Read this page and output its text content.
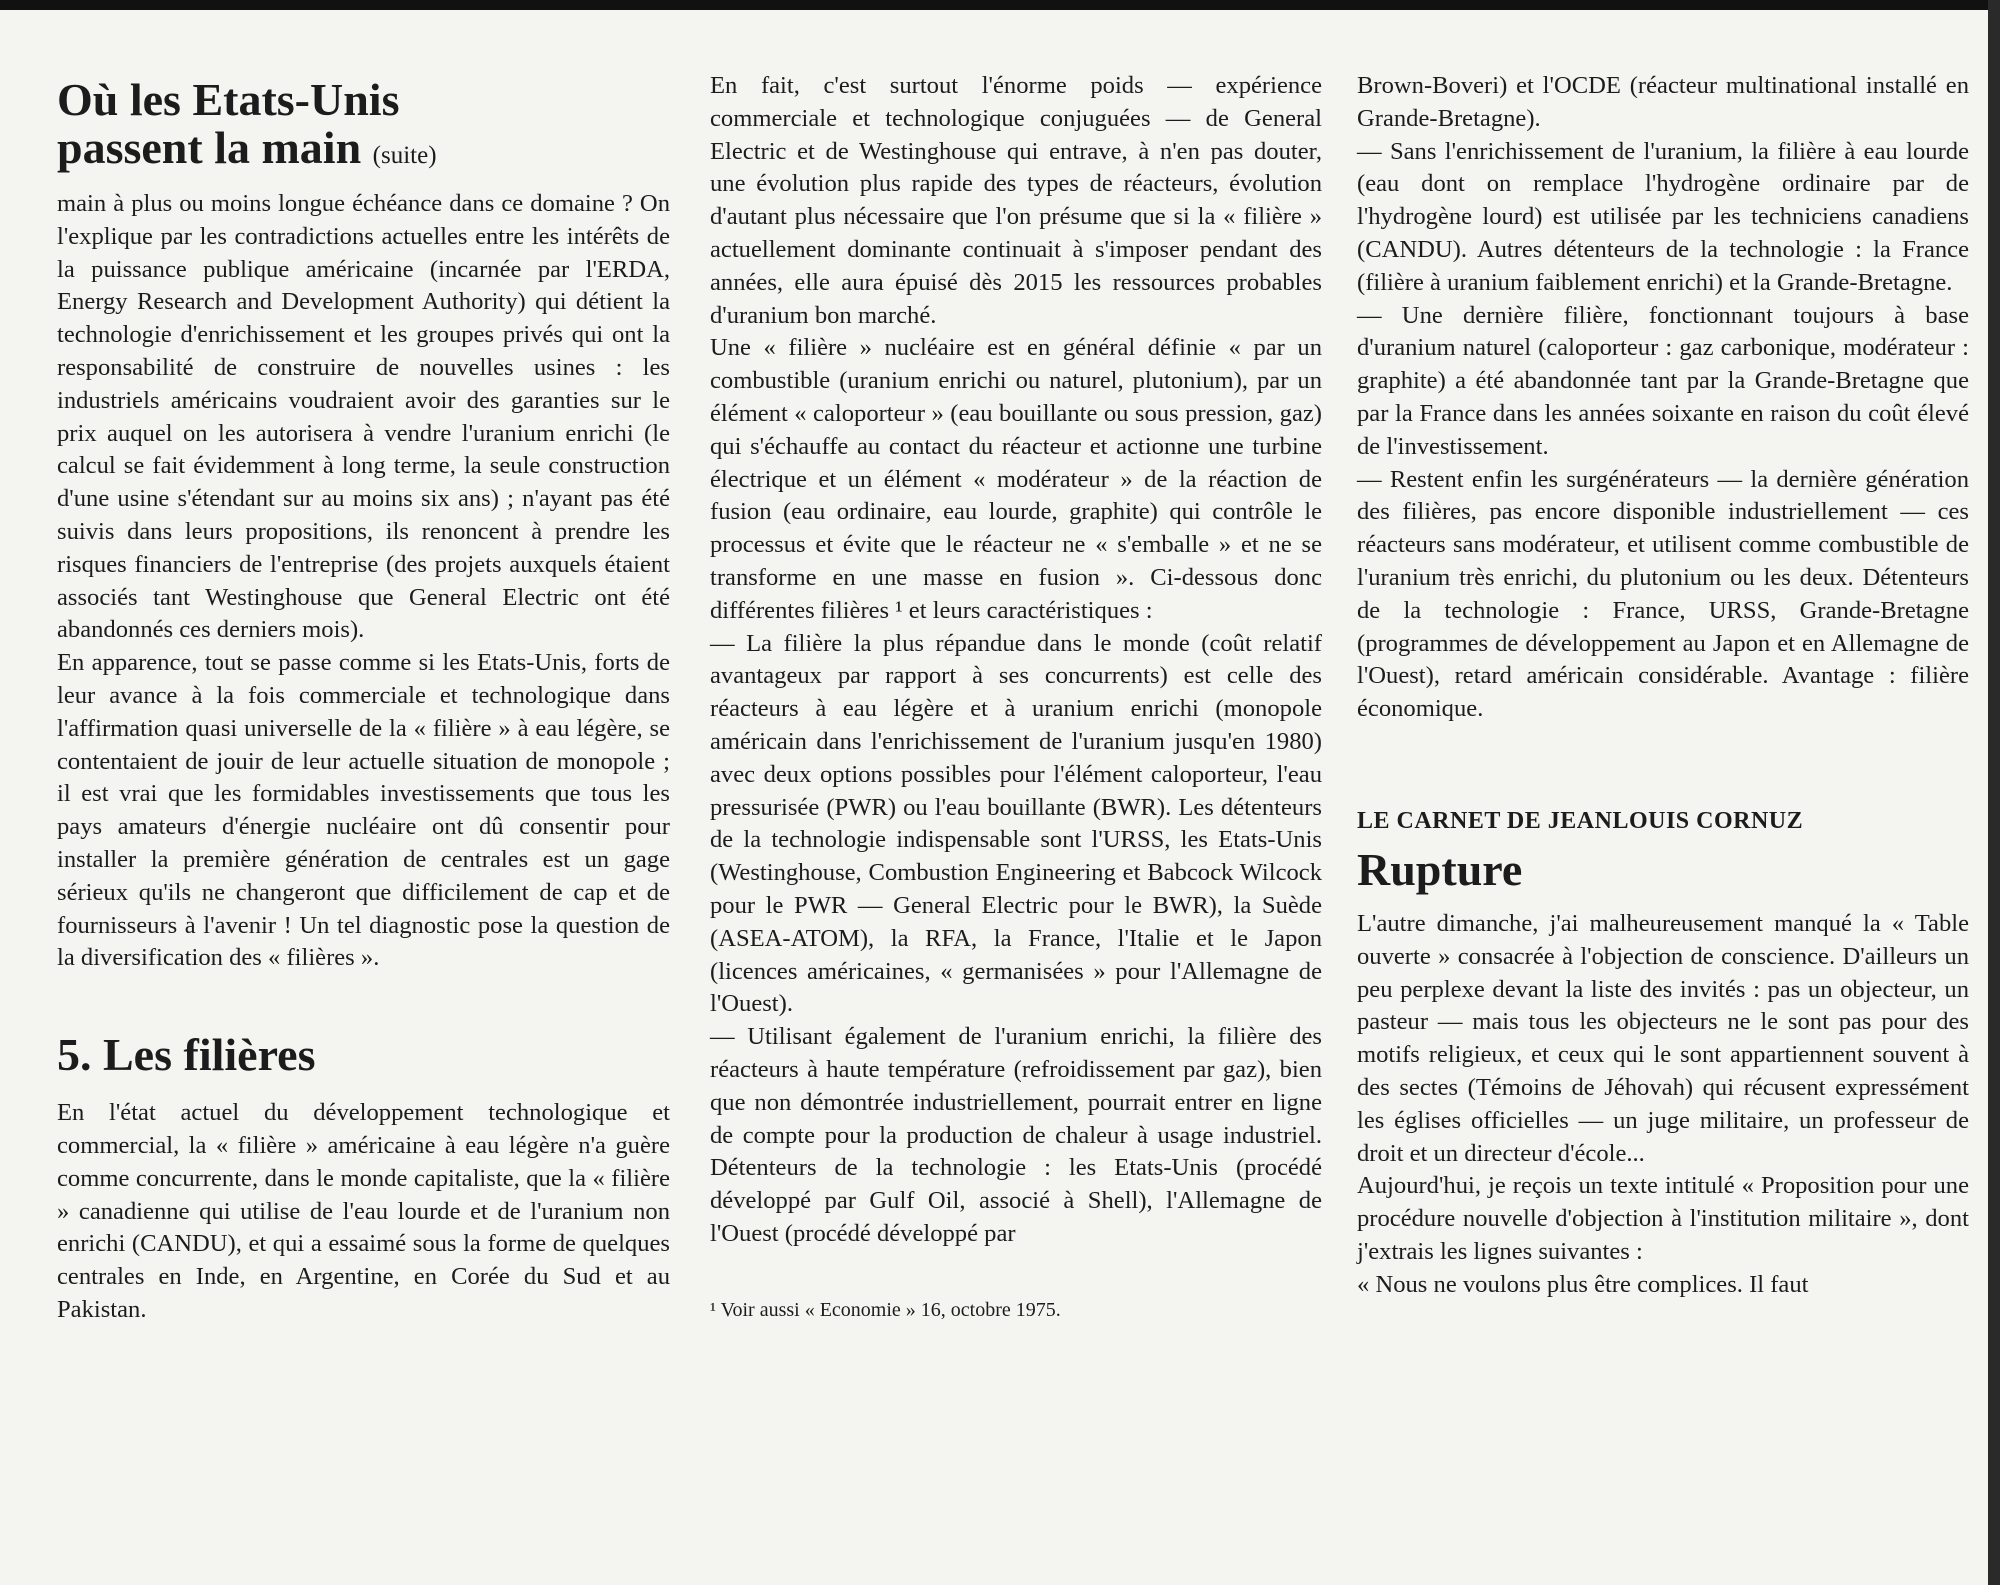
Où les Etats-Unis
passent la main (suite)

main à plus ou moins longue échéance dans ce domaine ? On l'explique par les contradictions actuelles entre les intérêts de la puissance publique américaine (incarnée par l'ERDA, Energy Research and Development Authority) qui détient la technologie d'enrichissement et les groupes privés qui ont la responsabilité de construire de nouvelles usines : les industriels américains voudraient avoir des garanties sur le prix auquel on les autorisera à vendre l'uranium enrichi (le calcul se fait évidemment à long terme, la seule construction d'une usine s'étendant sur au moins six ans) ; n'ayant pas été suivis dans leurs propositions, ils renoncent à prendre les risques financiers de l'entreprise (des projets auxquels étaient associés tant Westinghouse que General Electric ont été abandonnés ces derniers mois).

En apparence, tout se passe comme si les Etats-Unis, forts de leur avance à la fois commerciale et technologique dans l'affirmation quasi universelle de la « filière » à eau légère, se contentaient de jouir de leur actuelle situation de monopole ; il est vrai que les formidables investissements que tous les pays amateurs d'énergie nucléaire ont dû consentir pour installer la première génération de centrales est un gage sérieux qu'ils ne changeront que difficilement de cap et de fournisseurs à l'avenir ! Un tel diagnostic pose la question de la diversification des « filières ».

5. Les filières

En l'état actuel du développement technologique et commercial, la « filière » américaine à eau légère n'a guère comme concurrente, dans le monde capitaliste, que la « filière » canadienne qui utilise de l'eau lourde et de l'uranium non enrichi (CANDU), et qui a essaimé sous la forme de quelques centrales en Inde, en Argentine, en Corée du Sud et au Pakistan.

En fait, c'est surtout l'énorme poids — expérience commerciale et technologique conjuguées — de General Electric et de Westinghouse qui entrave, à n'en pas douter, une évolution plus rapide des types de réacteurs, évolution d'autant plus nécessaire que l'on présume que si la « filière » actuellement dominante continuait à s'imposer pendant des années, elle aura épuisé dès 2015 les ressources probables d'uranium bon marché.

Une « filière » nucléaire est en général définie « par un combustible (uranium enrichi ou naturel, plutonium), par un élément « caloporteur » (eau bouillante ou sous pression, gaz) qui s'échauffe au contact du réacteur et actionne une turbine électrique et un élément « modérateur » de la réaction de fusion (eau ordinaire, eau lourde, graphite) qui contrôle le processus et évite que le réacteur ne « s'emballe » et ne se transforme en une masse en fusion ». Ci-dessous donc différentes filières ¹ et leurs caractéristiques :

— La filière la plus répandue dans le monde (coût relatif avantageux par rapport à ses concurrents) est celle des réacteurs à eau légère et à uranium enrichi (monopole américain dans l'enrichissement de l'uranium jusqu'en 1980) avec deux options possibles pour l'élément caloporteur, l'eau pressurisée (PWR) ou l'eau bouillante (BWR). Les détenteurs de la technologie indispensable sont l'URSS, les Etats-Unis (Westinghouse, Combustion Engineering et Babcock Wilcock pour le PWR — General Electric pour le BWR), la Suède (ASEA-ATOM), la RFA, la France, l'Italie et le Japon (licences américaines, « germanisées » pour l'Allemagne de l'Ouest).

— Utilisant également de l'uranium enrichi, la filière des réacteurs à haute température (refroidissement par gaz), bien que non démontrée industriellement, pourrait entrer en ligne de compte pour la production de chaleur à usage industriel. Détenteurs de la technologie : les Etats-Unis (procédé développé par Gulf Oil, associé à Shell), l'Allemagne de l'Ouest (procédé développé par

¹ Voir aussi « Economie » 16, octobre 1975.

Brown-Boveri) et l'OCDE (réacteur multinational installé en Grande-Bretagne).

— Sans l'enrichissement de l'uranium, la filière à eau lourde (eau dont on remplace l'hydrogène ordinaire par de l'hydrogène lourd) est utilisée par les techniciens canadiens (CANDU). Autres détenteurs de la technologie : la France (filière à uranium faiblement enrichi) et la Grande-Bretagne.

— Une dernière filière, fonctionnant toujours à base d'uranium naturel (caloporteur : gaz carbonique, modérateur : graphite) a été abandonnée tant par la Grande-Bretagne que par la France dans les années soixante en raison du coût élevé de l'investissement.

— Restent enfin les surgénérateurs — la dernière génération des filières, pas encore disponible industriellement — ces réacteurs sans modérateur, et utilisent comme combustible de l'uranium très enrichi, du plutonium ou les deux. Détenteurs de la technologie : France, URSS, Grande-Bretagne (programmes de développement au Japon et en Allemagne de l'Ouest), retard américain considérable. Avantage : filière économique.

LE CARNET DE JEANLOUIS CORNUZ
Rupture

L'autre dimanche, j'ai malheureusement manqué la « Table ouverte » consacrée à l'objection de conscience. D'ailleurs un peu perplexe devant la liste des invités : pas un objecteur, un pasteur — mais tous les objecteurs ne le sont pas pour des motifs religieux, et ceux qui le sont appartiennent souvent à des sectes (Témoins de Jéhovah) qui récusent expressément les églises officielles — un juge militaire, un professeur de droit et un directeur d'école...

Aujourd'hui, je reçois un texte intitulé « Proposition pour une procédure nouvelle d'objection à l'institution militaire », dont j'extrais les lignes suivantes :

« Nous ne voulons plus être complices. Il faut
